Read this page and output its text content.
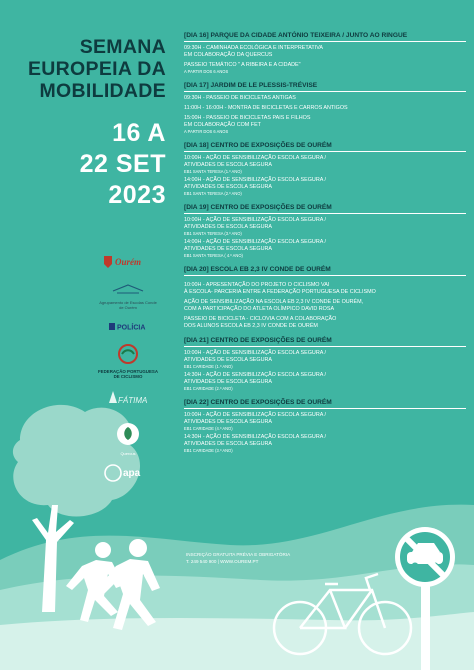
SEMANA
EUROPEIA DA
MOBILIDADE
16 A
22 SET
2023
Ourém
Agrupamento de Escolas Conde de Ourém
POLÍCIA
FEDERAÇÃO PORTUGUESA DE CICLISMO
FÁTIMA
Quercus
apa
[DIA 16] PARQUE DA CIDADE ANTÓNIO TEIXEIRA / JUNTO AO RINGUE
09:30H - CAMINHADA ECOLÓGICA E INTERPRETATIVA
EM COLABORAÇÃO DA QUERCUS
PASSEIO TEMÁTICO " A RIBEIRA E A CIDADE"
A PARTIR DOS 6 ANOS
[DIA 17] JARDIM DE LE PLESSIS-TRÉVISE
09:30H - PASSEIO DE BICICLETAS ANTIGAS
11:00H - 16:00H - MONTRA DE BICICLETAS E CARROS ANTIGOS
15:00H - PASSEIO DE BICICLETAS PAIS E FILHOS
EM COLABORAÇÃO COM FET
A PARTIR DOS 6 ANOS
[DIA 18] CENTRO DE EXPOSIÇÕES DE OURÉM
10:00H - AÇÃO DE SENSIBILIZAÇÃO ESCOLA SEGURA /
ATIVIDADES DE ESCOLA SEGURA
EB1 SANTA TERESA (1.º ANO)
14:00H - AÇÃO DE SENSIBILIZAÇÃO ESCOLA SEGURA /
ATIVIDADES DE ESCOLA SEGURA
EB1 SANTA TERESA (2.º ANO)
[DIA 19] CENTRO DE EXPOSIÇÕES DE OURÉM
10:00H - AÇÃO DE SENSIBILIZAÇÃO ESCOLA SEGURA /
ATIVIDADES DE ESCOLA SEGURA
EB1 SANTA TERESA (3.º ANO)
14:00H - AÇÃO DE SENSIBILIZAÇÃO ESCOLA SEGURA /
ATIVIDADES DE ESCOLA SEGURA
EB1 SANTA TERESA ( 4.º ANO)
[DIA 20] ESCOLA EB 2,3 IV CONDE DE OURÉM
10:00H - APRESENTAÇÃO DO PROJETO O CICLISMO VAI
À ESCOLA- PARCERIA ENTRE A FEDERAÇÃO PORTUGUESA DE CICLISMO
AÇÃO DE SENSIBILIZAÇÃO NA ESCOLA EB 2,3 IV CONDE DE OURÉM,
COM A PARTICIPAÇÃO DO ATLETA OLÍMPICO DAVID ROSA
PASSEIO DE BICICLETA - CICLOVIA COM A COLABORAÇÃO
DOS ALUNOS ESCOLA EB 2,3 IV CONDE DE OURÉM
[DIA 21] CENTRO DE EXPOSIÇÕES DE OURÉM
10:00H - AÇÃO DE SENSIBILIZAÇÃO ESCOLA SEGURA /
ATIVIDADES DE ESCOLA SEGURA
EB1 CARIDADE (1.º ANO)
14:30H - AÇÃO DE SENSIBILIZAÇÃO ESCOLA SEGURA /
ATIVIDADES DE ESCOLA SEGURA
EB1 CARIDADE (2.º ANO)
[DIA 22] CENTRO DE EXPOSIÇÕES DE OURÉM
10:00H - AÇÃO DE SENSIBILIZAÇÃO ESCOLA SEGURA /
ATIVIDADES DE ESCOLA SEGURA
EB1 CARIDADE (4.º ANO)
14:30H - AÇÃO DE SENSIBILIZAÇÃO ESCOLA SEGURA /
ATIVIDADES DE ESCOLA SEGURA
EB1 CARIDADE (3.º ANO)
INSCRIÇÃO GRATUITA PRÉVIA E OBRIGATÓRIA
T. 249 540 900 | WWW.OUREM.PT
